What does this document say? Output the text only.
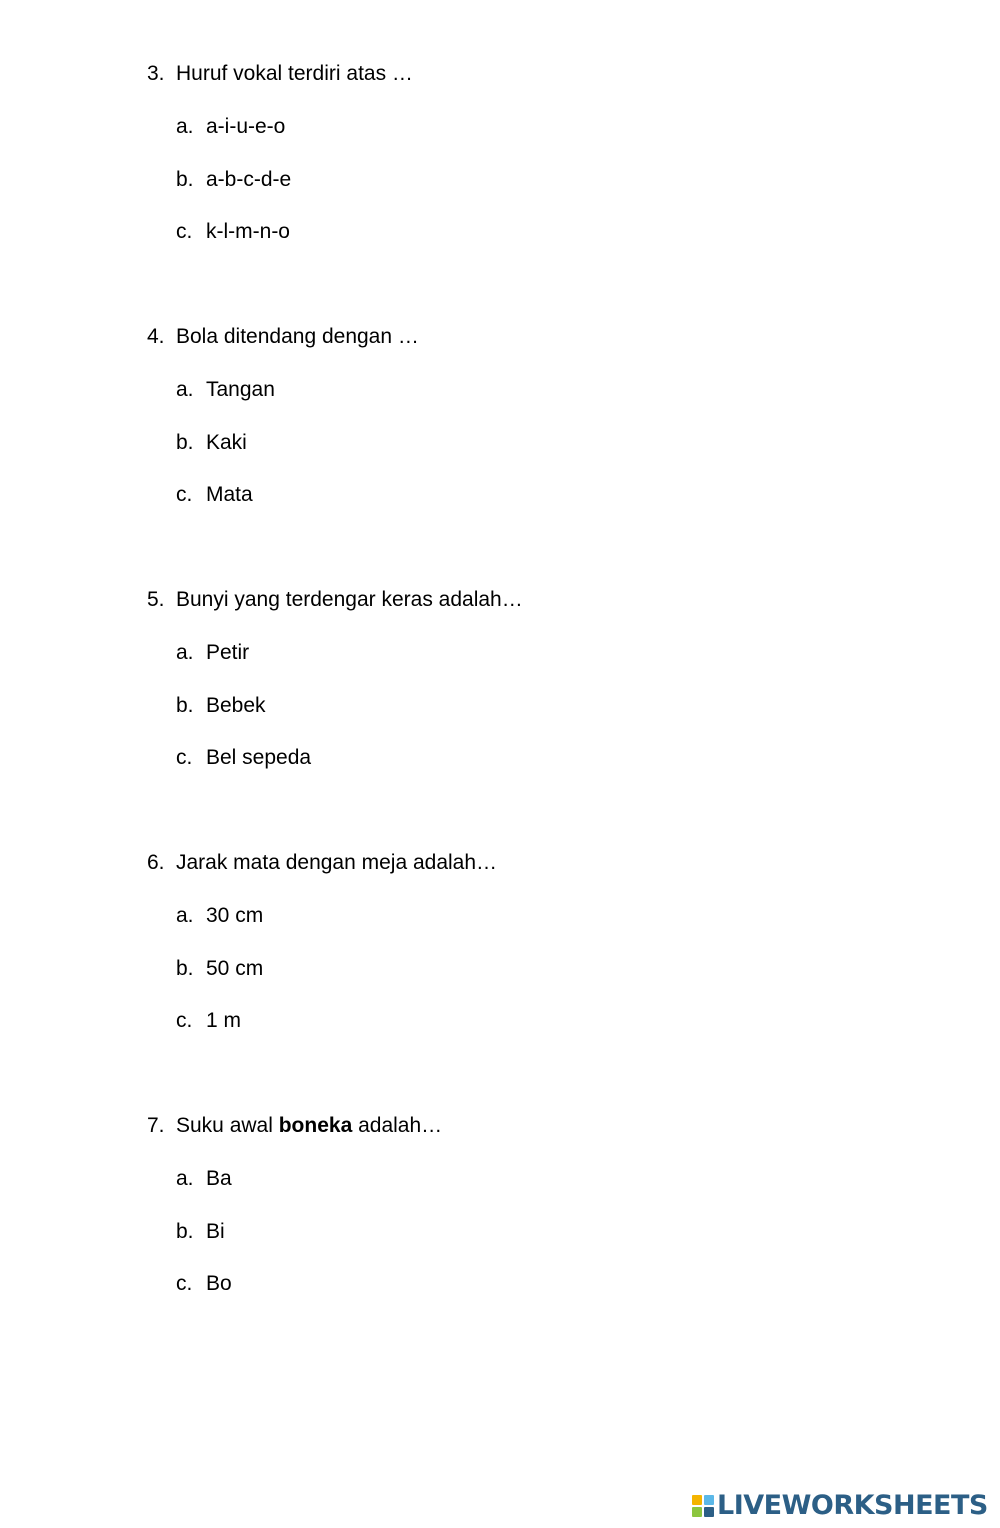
3. Huruf vokal terdiri atas …
a. a-i-u-e-o
b. a-b-c-d-e
c. k-l-m-n-o
4. Bola ditendang dengan …
a. Tangan
b. Kaki
c. Mata
5. Bunyi yang terdengar keras adalah…
a. Petir
b. Bebek
c. Bel sepeda
6. Jarak mata dengan meja adalah…
a. 30 cm
b. 50 cm
c. 1 m
7. Suku awal boneka adalah…
a. Ba
b. Bi
c. Bo
LIVEWORKSHEETS
